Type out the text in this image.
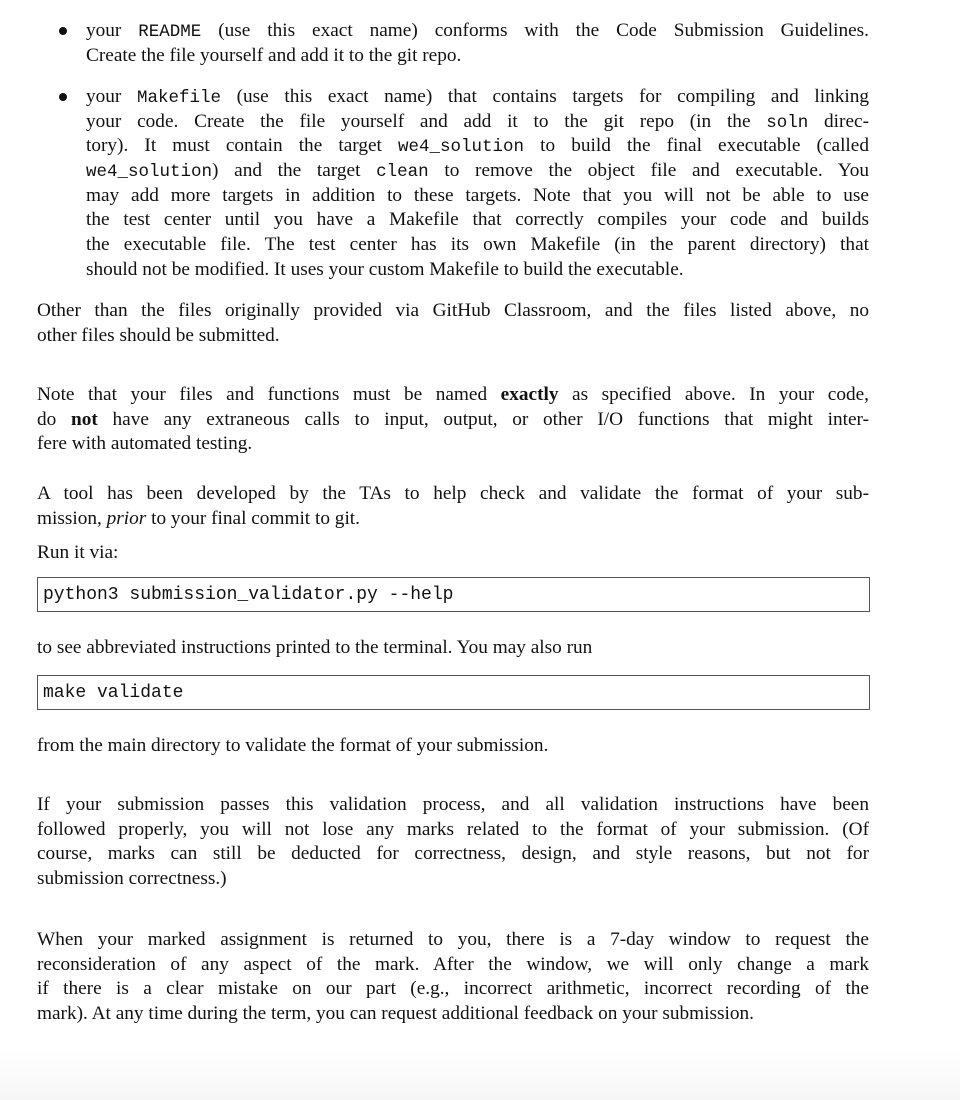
your README (use this exact name) conforms with the Code Submission Guidelines.
Create the file yourself and add it to the git repo.
your Makefile (use this exact name) that contains targets for compiling and linking
your code. Create the file yourself and add it to the git repo (in the soln direc-
tory). It must contain the target we4_solution to build the final executable (called
we4_solution) and the target clean to remove the object file and executable. You
may add more targets in addition to these targets. Note that you will not be able to use
the test center until you have a Makefile that correctly compiles your code and builds
the executable file. The test center has its own Makefile (in the parent directory) that
should not be modified. It uses your custom Makefile to build the executable.
Other than the files originally provided via GitHub Classroom, and the files listed above, no
other files should be submitted.
Note that your files and functions must be named exactly as specified above. In your code,
do not have any extraneous calls to input, output, or other I/O functions that might inter-
fere with automated testing.
A tool has been developed by the TAs to help check and validate the format of your sub-
mission, prior to your final commit to git.
Run it via:
python3 submission_validator.py --help
to see abbreviated instructions printed to the terminal. You may also run
make validate
from the main directory to validate the format of your submission.
If your submission passes this validation process, and all validation instructions have been
followed properly, you will not lose any marks related to the format of your submission. (Of
course, marks can still be deducted for correctness, design, and style reasons, but not for
submission correctness.)
When your marked assignment is returned to you, there is a 7-day window to request the
reconsideration of any aspect of the mark. After the window, we will only change a mark
if there is a clear mistake on our part (e.g., incorrect arithmetic, incorrect recording of the
mark). At any time during the term, you can request additional feedback on your submission.
